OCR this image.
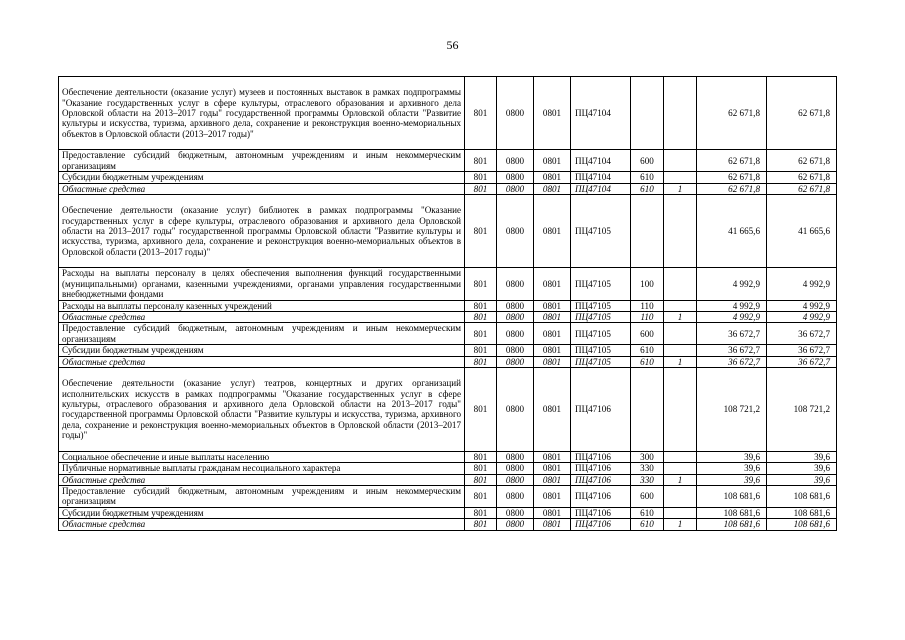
56
Обеспечение деятельности (оказание услуг) музеев и постоянных выставок в рамках подпрограммы "Оказание государственных услуг в сфере культуры, отраслевого образования и архивного дела Орловской области на 2013–2017 годы" государственной программы Орловской области "Развитие культуры и искусства, туризма, архивного дела, сохранение и реконструкция военно-мемориальных объектов в Орловской области (2013–2017 годы)"	801	0800	0801	ПЦ47104			62 671,8	62 671,8
Предоставление субсидий бюджетным, автономным учреждениям и иным некоммерческим организациям	801	0800	0801	ПЦ47104	600		62 671,8	62 671,8
Субсидии бюджетным учреждениям	801	0800	0801	ПЦ47104	610		62 671,8	62 671,8
Областные средства	801	0800	0801	ПЦ47104	610	1	62 671,8	62 671,8
Обеспечение деятельности (оказание услуг) библиотек в рамках подпрограммы "Оказание государственных услуг в сфере культуры, отраслевого образования и архивного дела Орловской области на 2013–2017 годы" государственной программы Орловской области "Развитие культуры и искусства, туризма, архивного дела, сохранение и реконструкция военно-мемориальных объектов в Орловской области (2013–2017 годы)"	801	0800	0801	ПЦ47105			41 665,6	41 665,6
Расходы на выплаты персоналу в целях обеспечения выполнения функций государственными (муниципальными) органами, казенными учреждениями, органами управления государственными внебюджетными фондами	801	0800	0801	ПЦ47105	100		4 992,9	4 992,9
Расходы на выплаты персоналу казенных учреждений	801	0800	0801	ПЦ47105	110		4 992,9	4 992,9
Областные средства	801	0800	0801	ПЦ47105	110	1	4 992,9	4 992,9
Предоставление субсидий бюджетным, автономным учреждениям и иным некоммерческим организациям	801	0800	0801	ПЦ47105	600		36 672,7	36 672,7
Субсидии бюджетным учреждениям	801	0800	0801	ПЦ47105	610		36 672,7	36 672,7
Областные средства	801	0800	0801	ПЦ47105	610	1	36 672,7	36 672,7
Обеспечение деятельности (оказание услуг) театров, концертных и других организаций исполнительских искусств в рамках подпрограммы "Оказание государственных услуг в сфере культуры, отраслевого образования и архивного дела Орловской области на 2013–2017 годы" государственной программы Орловской области "Развитие культуры и искусства, туризма, архивного дела, сохранение и реконструкция военно-мемориальных объектов в Орловской области (2013–2017 годы)"	801	0800	0801	ПЦ47106			108 721,2	108 721,2
Социальное обеспечение и иные выплаты населению	801	0800	0801	ПЦ47106	300		39,6	39,6
Публичные нормативные выплаты гражданам несоциального характера	801	0800	0801	ПЦ47106	330		39,6	39,6
Областные средства	801	0800	0801	ПЦ47106	330	1	39,6	39,6
Предоставление субсидий бюджетным, автономным учреждениям и иным некоммерческим организациям	801	0800	0801	ПЦ47106	600		108 681,6	108 681,6
Субсидии бюджетным учреждениям	801	0800	0801	ПЦ47106	610		108 681,6	108 681,6
Областные средства	801	0800	0801	ПЦ47106	610	1	108 681,6	108 681,6
